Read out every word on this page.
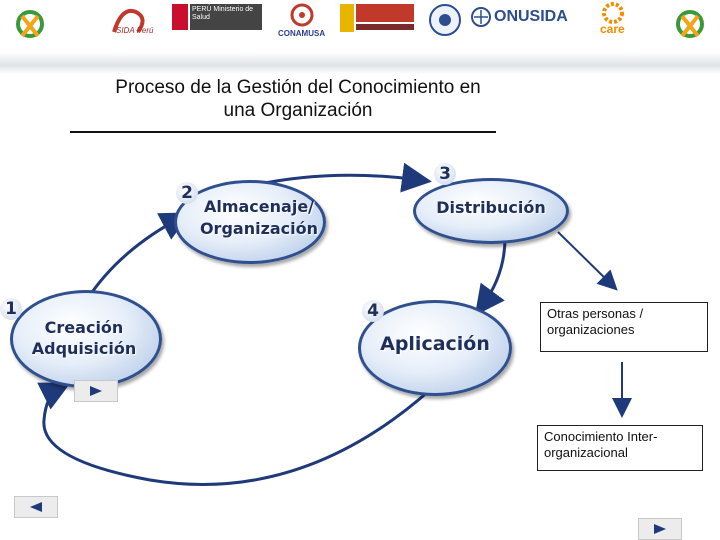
SIDA Perú
PERÚ Ministerio de Salud
CONAMUSA
ONUSIDA
care
Proceso de la Gestión del Conocimiento en
una Organización
1
Creación
Adquisición
2
Almacenaje/
Organización
3
Distribución
4
Aplicación
Otras personas /
organizaciones
Conocimiento Inter-
organizacional
